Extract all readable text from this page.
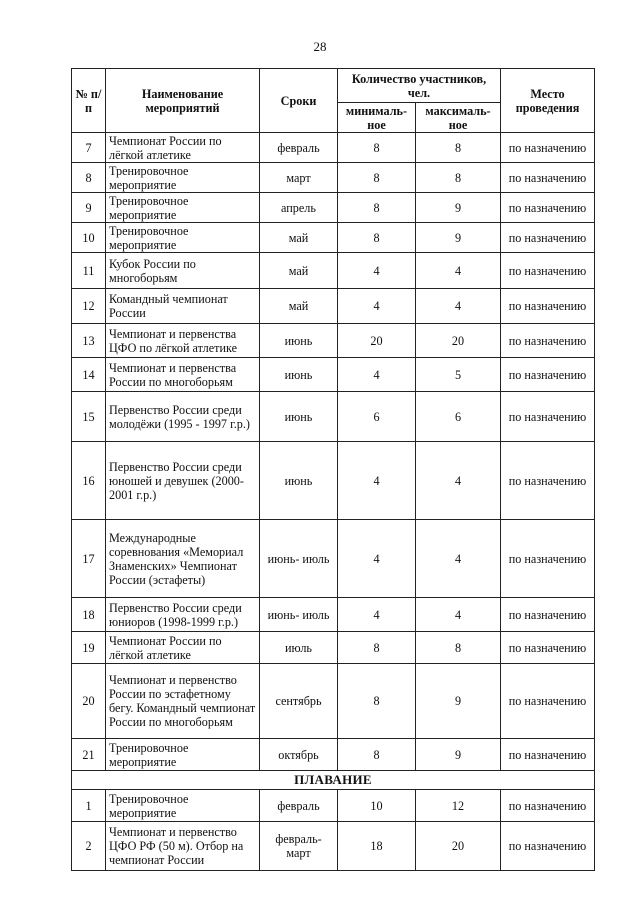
28
№ п/п	Наименование мероприятий	Сроки	Количество участников, чел.		Место проведения
			минималь- ное	максималь- ное	
7	Чемпионат России по лёгкой атлетике	февраль	8	8	по назначению
8	Тренировочное мероприятие	март	8	8	по назначению
9	Тренировочное мероприятие	апрель	8	9	по назначению
10	Тренировочное мероприятие	май	8	9	по назначению
11	Кубок России по многоборьям	май	4	4	по назначению
12	Командный чемпионат России	май	4	4	по назначению
13	Чемпионат и первенства ЦФО по лёгкой атлетике	июнь	20	20	по назначению
14	Чемпионат и первенства России по многоборьям	июнь	4	5	по назначению
15	Первенство России среди молодёжи (1995 - 1997 г.р.)	июнь	6	6	по назначению
16	Первенство России среди юношей и девушек (2000-2001 г.р.)	июнь	4	4	по назначению
17	Международные соревнования «Мемориал Знаменских» Чемпионат России (эстафеты)	июнь- июль	4	4	по назначению
18	Первенство России среди юниоров (1998-1999 г.р.)	июнь- июль	4	4	по назначению
19	Чемпионат России по лёгкой атлетике	июль	8	8	по назначению
20	Чемпионат и первенство России по эстафетному бегу. Командный чемпионат России по многоборьям	сентябрь	8	9	по назначению
21	Тренировочное мероприятие	октябрь	8	9	по назначению
ПЛАВАНИЕ					
1	Тренировочное мероприятие	февраль	10	12	по назначению
2	Чемпионат и первенство ЦФО РФ (50 м). Отбор на чемпионат России	февраль- март	18	20	по назначению
